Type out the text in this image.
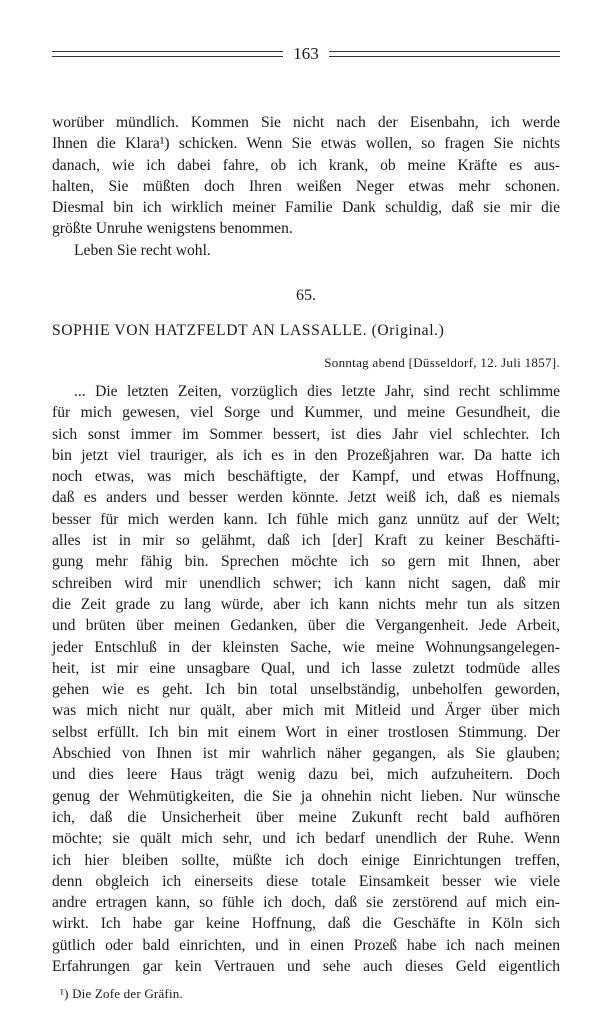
163
worüber mündlich. Kommen Sie nicht nach der Eisenbahn, ich werde
Ihnen die Klara¹) schicken. Wenn Sie etwas wollen, so fragen Sie nichts
danach, wie ich dabei fahre, ob ich krank, ob meine Kräfte es aus-
halten, Sie müßten doch Ihren weißen Neger etwas mehr schonen.
Diesmal bin ich wirklich meiner Familie Dank schuldig, daß sie mir die
größte Unruhe wenigstens benommen.
Leben Sie recht wohl.
65.
SOPHIE VON HATZFELDT AN LASSALLE. (Original.)
Sonntag abend [Düsseldorf, 12. Juli 1857].
... Die letzten Zeiten, vorzüglich dies letzte Jahr, sind recht schlimme
für mich gewesen, viel Sorge und Kummer, und meine Gesundheit, die
sich sonst immer im Sommer bessert, ist dies Jahr viel schlechter. Ich
bin jetzt viel trauriger, als ich es in den Prozeßjahren war. Da hatte ich
noch etwas, was mich beschäftigte, der Kampf, und etwas Hoffnung,
daß es anders und besser werden könnte. Jetzt weiß ich, daß es niemals
besser für mich werden kann. Ich fühle mich ganz unnütz auf der Welt;
alles ist in mir so gelähmt, daß ich [der] Kraft zu keiner Beschäfti-
gung mehr fähig bin. Sprechen möchte ich so gern mit Ihnen, aber
schreiben wird mir unendlich schwer; ich kann nicht sagen, daß mir
die Zeit grade zu lang würde, aber ich kann nichts mehr tun als sitzen
und brüten über meinen Gedanken, über die Vergangenheit. Jede Arbeit,
jeder Entschluß in der kleinsten Sache, wie meine Wohnungsangelegen-
heit, ist mir eine unsagbare Qual, und ich lasse zuletzt todmüde alles
gehen wie es geht. Ich bin total unselbständig, unbeholfen geworden,
was mich nicht nur quält, aber mich mit Mitleid und Ärger über mich
selbst erfüllt. Ich bin mit einem Wort in einer trostlosen Stimmung. Der
Abschied von Ihnen ist mir wahrlich näher gegangen, als Sie glauben;
und dies leere Haus trägt wenig dazu bei, mich aufzuheitern. Doch
genug der Wehmütigkeiten, die Sie ja ohnehin nicht lieben. Nur wünsche
ich, daß die Unsicherheit über meine Zukunft recht bald aufhören
möchte; sie quält mich sehr, und ich bedarf unendlich der Ruhe. Wenn
ich hier bleiben sollte, müßte ich doch einige Einrichtungen treffen,
denn obgleich ich einerseits diese totale Einsamkeit besser wie viele
andre ertragen kann, so fühle ich doch, daß sie zerstörend auf mich ein-
wirkt. Ich habe gar keine Hoffnung, daß die Geschäfte in Köln sich
gütlich oder bald einrichten, und in einen Prozeß habe ich nach meinen
Erfahrungen gar kein Vertrauen und sehe auch dieses Geld eigentlich
¹) Die Zofe der Gräfin.
